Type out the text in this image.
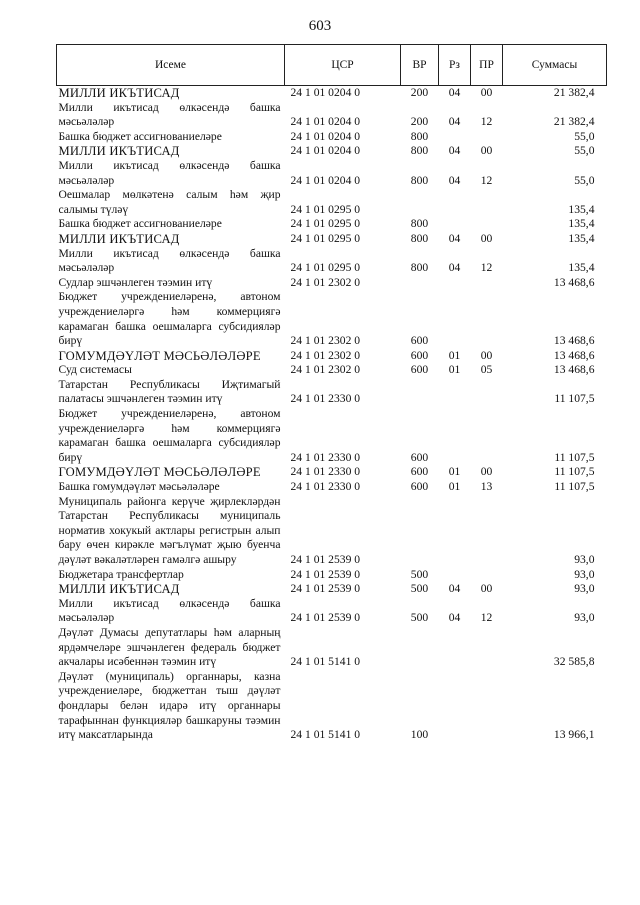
603
Исеме	ЦСР	ВР	Рз	ПР	Суммасы
МИЛЛИ ИКЪТИСАД	24 1 01 0204 0	200	04	00	21 382,4
Милли икътисад өлкәсендә башка мәсьәләләр	24 1 01 0204 0	200	04	12	21 382,4
Башка бюджет ассигнованиеләре	24 1 01 0204 0	800			55,0
МИЛЛИ ИКЪТИСАД	24 1 01 0204 0	800	04	00	55,0
Милли икътисад өлкәсендә башка мәсьәләләр	24 1 01 0204 0	800	04	12	55,0
Оешмалар мөлкәтенә салым һәм җир салымы түләү	24 1 01 0295 0				135,4
Башка бюджет ассигнованиеләре	24 1 01 0295 0	800			135,4
МИЛЛИ ИКЪТИСАД	24 1 01 0295 0	800	04	00	135,4
Милли икътисад өлкәсендә башка мәсьәләләр	24 1 01 0295 0	800	04	12	135,4
Судлар эшчәнлеген тәэмин итү	24 1 01 2302 0				13 468,6
Бюджет учреждениеләренә, автоном учреждениеләргә һәм коммерциягә карамаган башка оешмаларга субсидияләр бирү	24 1 01 2302 0	600			13 468,6
ГОМУМДӘҮЛӘТ МӘСЬӘЛӘЛӘРЕ	24 1 01 2302 0	600	01	00	13 468,6
Суд системасы	24 1 01 2302 0	600	01	05	13 468,6
Татарстан Республикасы Иҗтимагый палатасы эшчәнлеген тәэмин итү	24 1 01 2330 0				11 107,5
Бюджет учреждениеләренә, автоном учреждениеләргә һәм коммерциягә карамаган башка оешмаларга субсидияләр бирү	24 1 01 2330 0	600			11 107,5
ГОМУМДӘҮЛӘТ МӘСЬӘЛӘЛӘРЕ	24 1 01 2330 0	600	01	00	11 107,5
Башка гомумдәүләт мәсьәләләре	24 1 01 2330 0	600	01	13	11 107,5
Муниципаль районга керүче җирлекләрдән Татарстан Республикасы муниципаль норматив хокукый актлары регистрын алып бару өчен кирәкле мәгълүмат җыю буенча дәүләт вәкаләтләрен гамәлгә ашыру	24 1 01 2539 0				93,0
Бюджетара трансфертлар	24 1 01 2539 0	500			93,0
МИЛЛИ ИКЪТИСАД	24 1 01 2539 0	500	04	00	93,0
Милли икътисад өлкәсендә башка мәсьәләләр	24 1 01 2539 0	500	04	12	93,0
Дәүләт Думасы депутатлары һәм аларның ярдәмчеләре эшчәнлеген федераль бюджет акчалары исәбеннән тәэмин итү	24 1 01 5141 0				32 585,8
Дәүләт (муниципаль) органнары, казна учреждениеләре, бюджеттан тыш дәүләт фондлары белән идарә итү органнары тарафыннан функцияләр башкаруны тәэмин итү максатларында	24 1 01 5141 0	100			13 966,1
